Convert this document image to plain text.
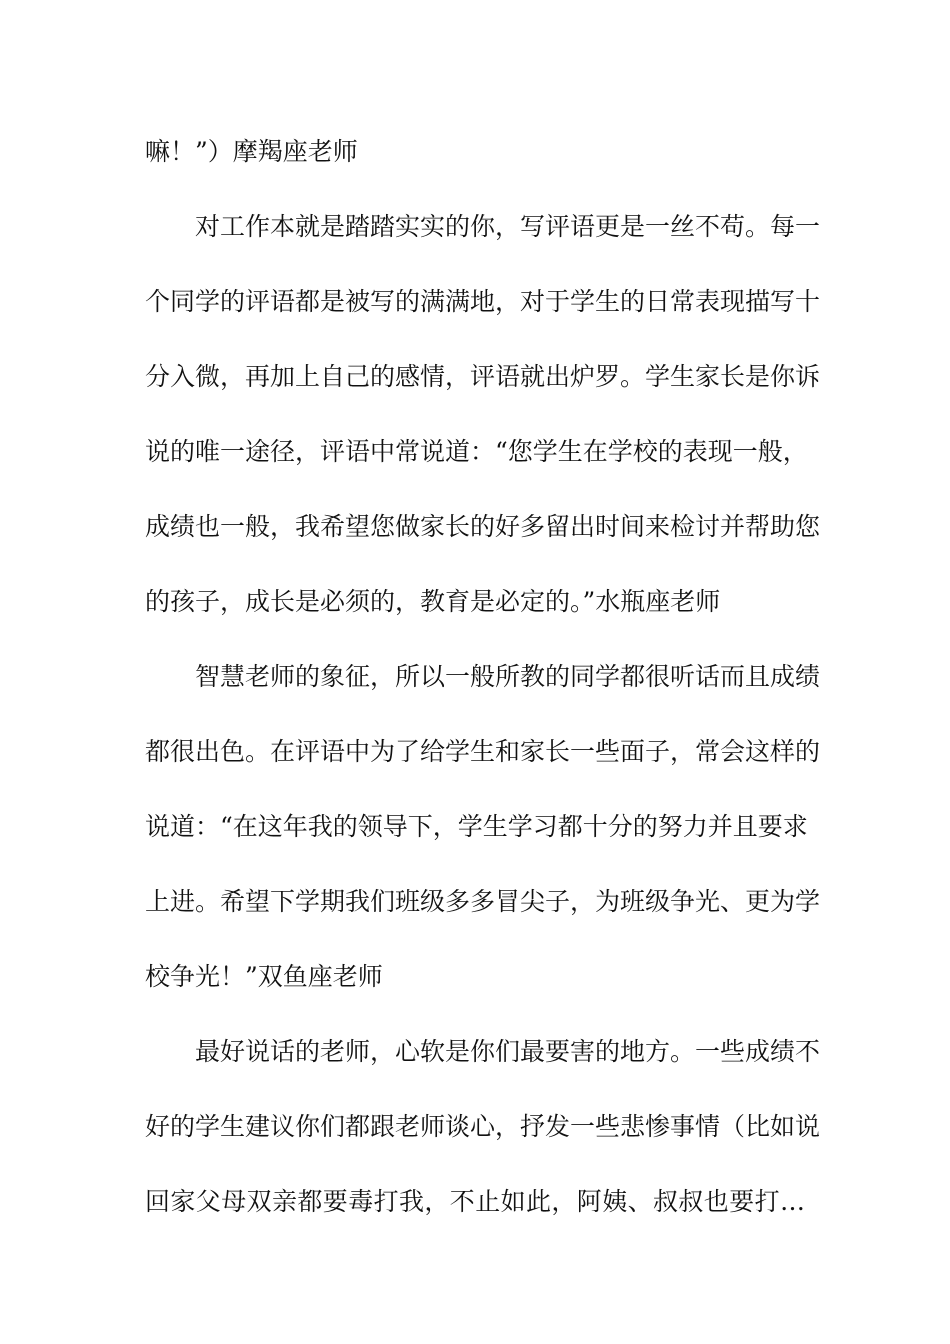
嘛！”）摩羯座老师
对工作本就是踏踏实实的你，写评语更是一丝不苟。每一
个同学的评语都是被写的满满地，对于学生的日常表现描写十
分入微，再加上自己的感情，评语就出炉罗。学生家长是你诉
说的唯一途径，评语中常说道：“您学生在学校的表现一般，
成绩也一般，我希望您做家长的好多留出时间来检讨并帮助您
的孩子，成长是必须的，教育是必定的。”水瓶座老师
智慧老师的象征，所以一般所教的同学都很听话而且成绩
都很出色。在评语中为了给学生和家长一些面子，常会这样的
说道：“在这年我的领导下，学生学习都十分的努力并且要求
上进。希望下学期我们班级多多冒尖子，为班级争光、更为学
校争光！”双鱼座老师
最好说话的老师，心软是你们最要害的地方。一些成绩不
好的学生建议你们都跟老师谈心，抒发一些悲惨事情（比如说
回家父母双亲都要毒打我，不止如此，阿姨、叔叔也要打…
